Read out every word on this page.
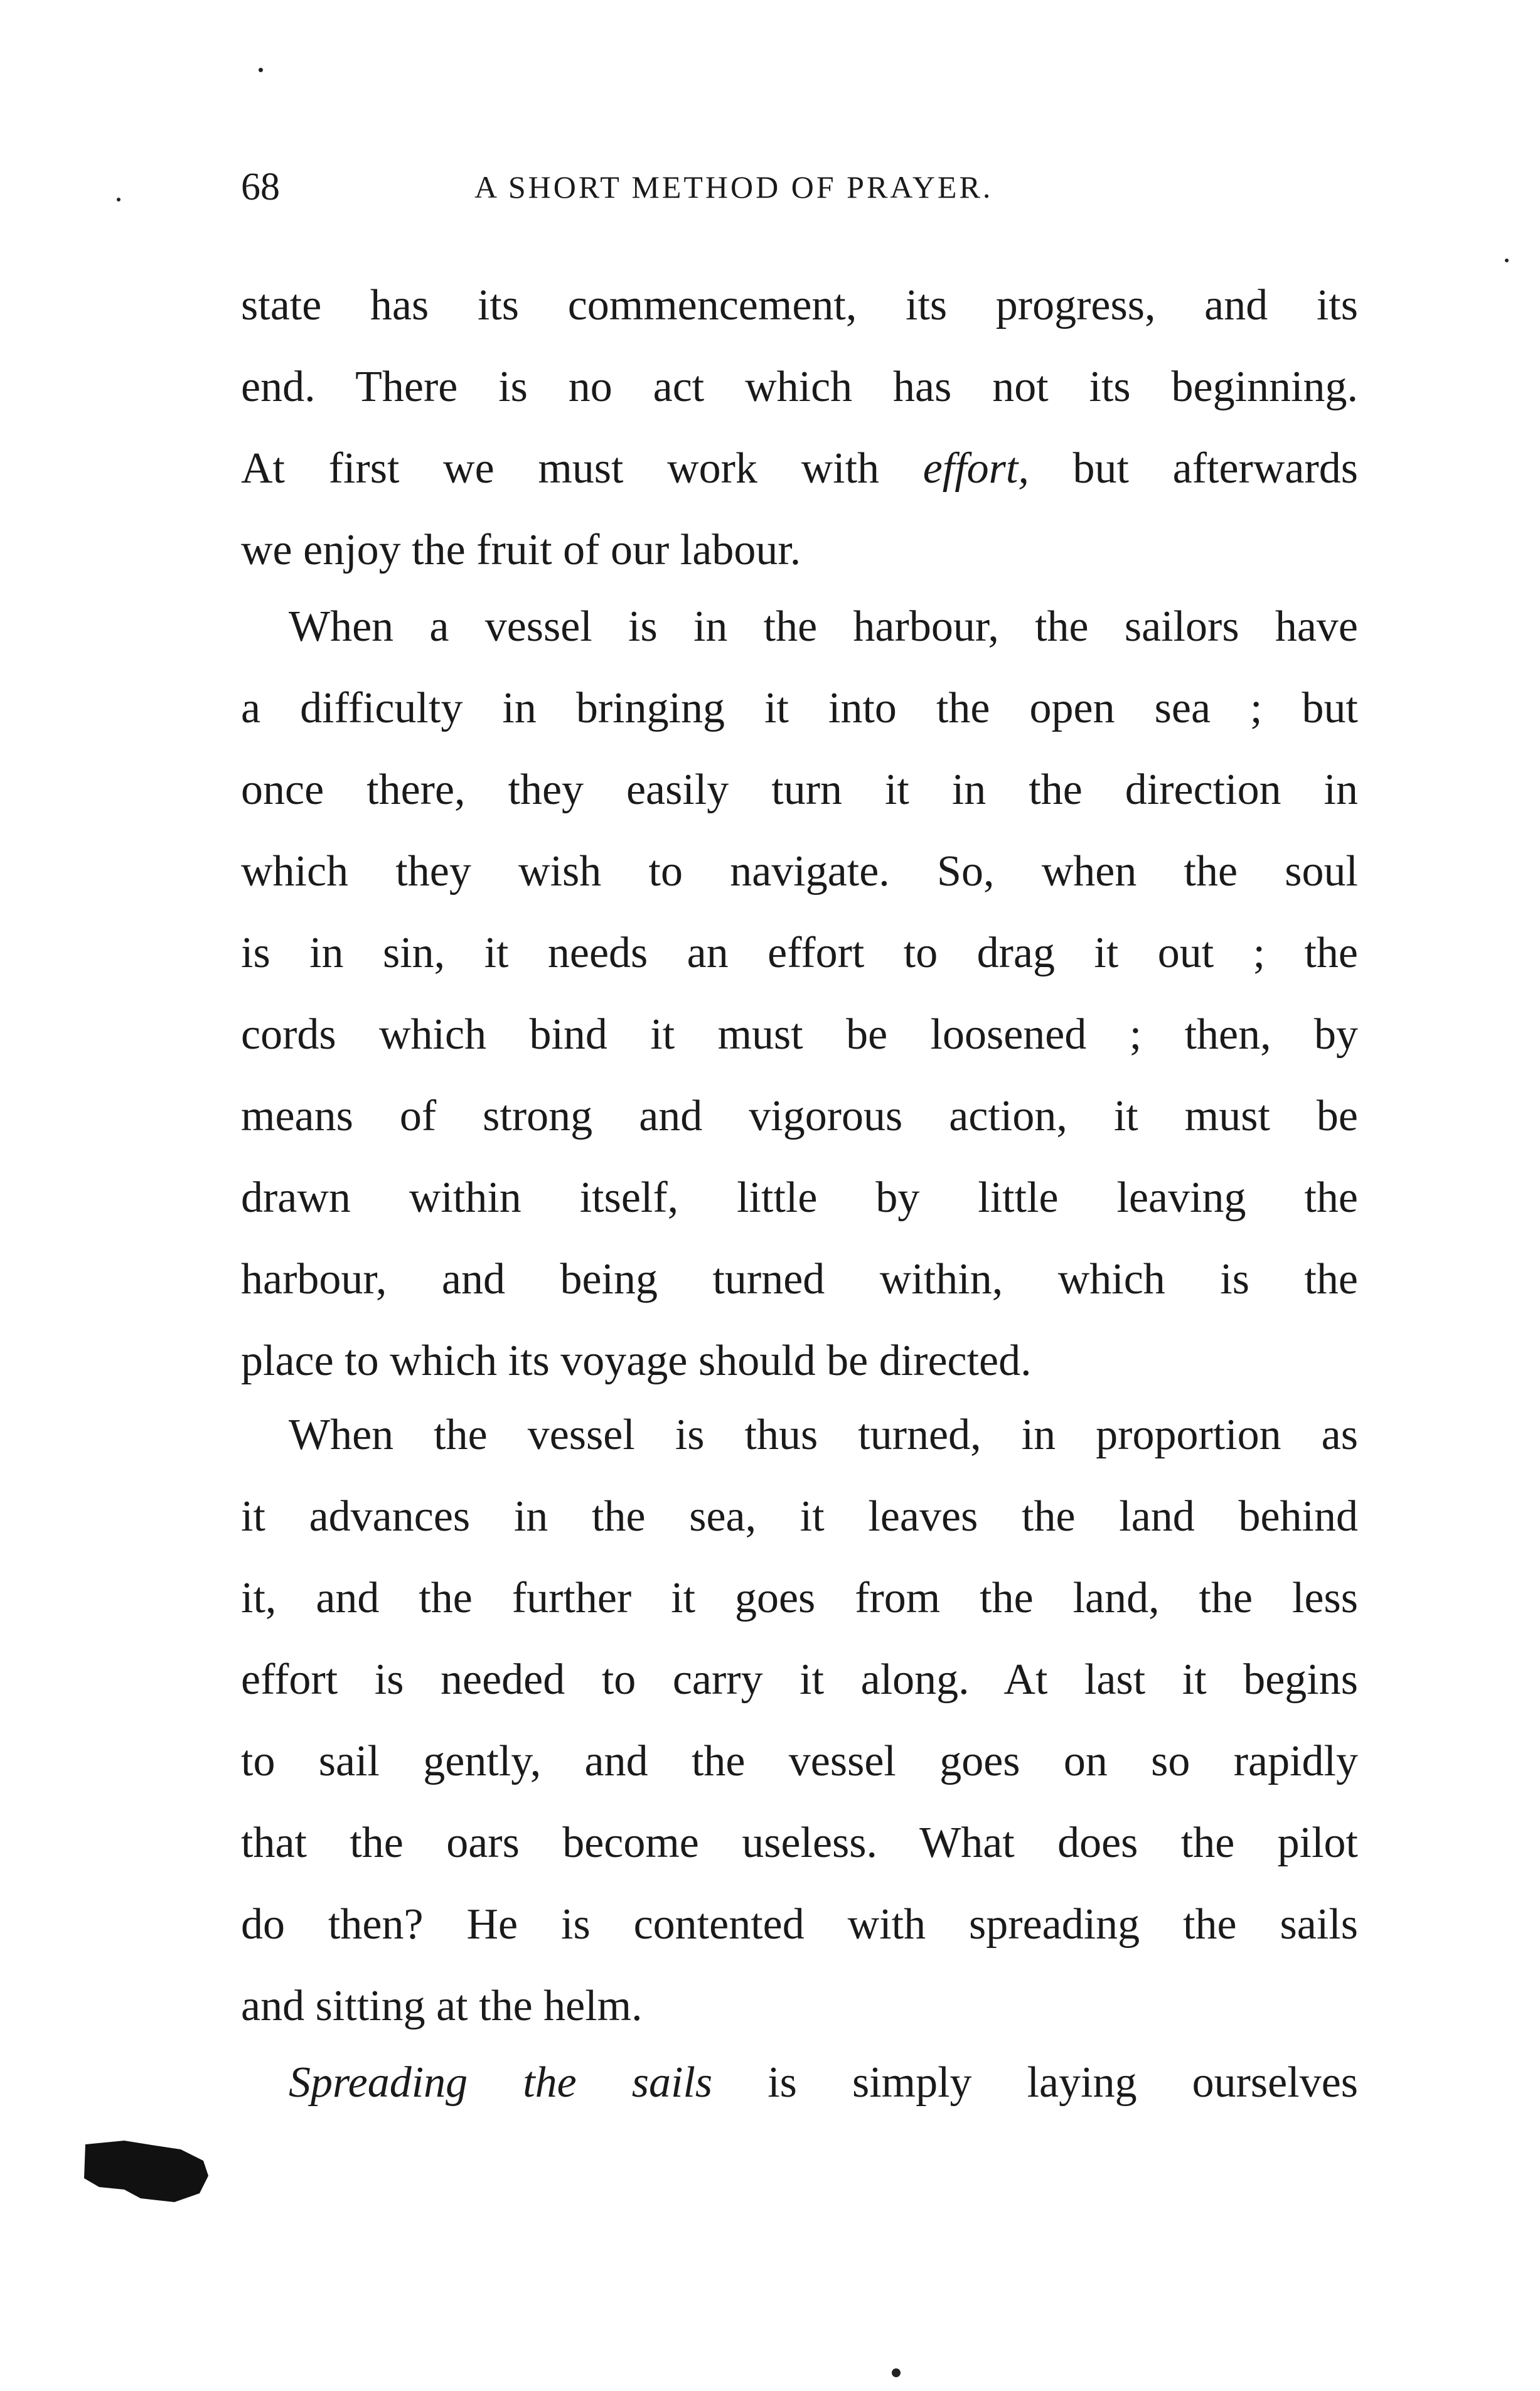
68	A SHORT METHOD OF PRAYER.
state has its commencement, its progress, and its
end. There is no act which has not its beginning.
At first we must work with effort, but afterwards
we enjoy the fruit of our labour.
When a vessel is in the harbour, the sailors have
a difficulty in bringing it into the open sea ; but
once there, they easily turn it in the direction in
which they wish to navigate. So, when the soul
is in sin, it needs an effort to drag it out ; the
cords which bind it must be loosened ; then, by
means of strong and vigorous action, it must be
drawn within itself, little by little leaving the
harbour, and being turned within, which is the
place to which its voyage should be directed.
When the vessel is thus turned, in proportion as
it advances in the sea, it leaves the land behind
it, and the further it goes from the land, the less
effort is needed to carry it along. At last it begins
to sail gently, and the vessel goes on so rapidly
that the oars become useless. What does the pilot
do then? He is contented with spreading the sails
and sitting at the helm.
Spreading the sails is simply laying ourselves
